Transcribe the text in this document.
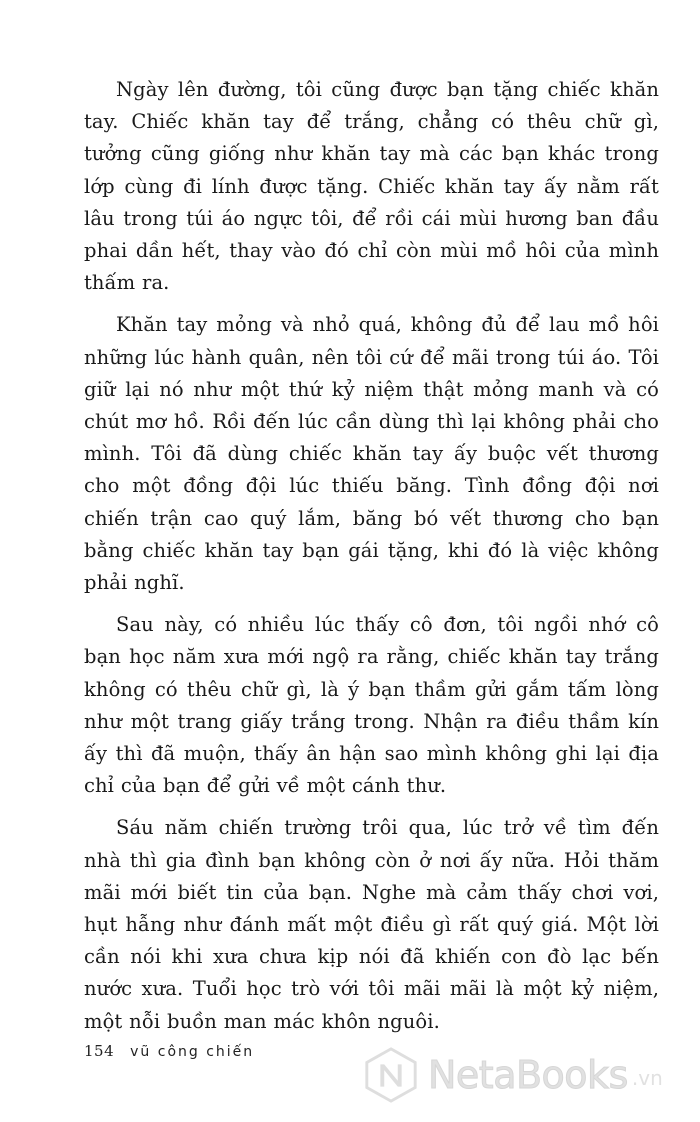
Ngày lên đường, tôi cũng được bạn tặng chiếc khăn tay. Chiếc khăn tay để trắng, chẳng có thêu chữ gì, tưởng cũng giống như khăn tay mà các bạn khác trong lớp cùng đi lính được tặng. Chiếc khăn tay ấy nằm rất lâu trong túi áo ngực tôi, để rồi cái mùi hương ban đầu phai dần hết, thay vào đó chỉ còn mùi mồ hôi của mình thấm ra.

Khăn tay mỏng và nhỏ quá, không đủ để lau mồ hôi những lúc hành quân, nên tôi cứ để mãi trong túi áo. Tôi giữ lại nó như một thứ kỷ niệm thật mỏng manh và có chút mơ hồ. Rồi đến lúc cần dùng thì lại không phải cho mình. Tôi đã dùng chiếc khăn tay ấy buộc vết thương cho một đồng đội lúc thiếu băng. Tình đồng đội nơi chiến trận cao quý lắm, băng bó vết thương cho bạn bằng chiếc khăn tay bạn gái tặng, khi đó là việc không phải nghĩ.

Sau này, có nhiều lúc thấy cô đơn, tôi ngồi nhớ cô bạn học năm xưa mới ngộ ra rằng, chiếc khăn tay trắng không có thêu chữ gì, là ý bạn thầm gửi gắm tấm lòng như một trang giấy trắng trong. Nhận ra điều thầm kín ấy thì đã muộn, thấy ân hận sao mình không ghi lại địa chỉ của bạn để gửi về một cánh thư.

Sáu năm chiến trường trôi qua, lúc trở về tìm đến nhà thì gia đình bạn không còn ở nơi ấy nữa. Hỏi thăm mãi mới biết tin của bạn. Nghe mà cảm thấy chơi vơi, hụt hẫng như đánh mất một điều gì rất quý giá. Một lời cần nói khi xưa chưa kịp nói đã khiến con đò lạc bến nước xưa. Tuổi học trò với tôi mãi mãi là một kỷ niệm, một nỗi buồn man mác khôn nguôi.

154 vũ công chiến
NetaBooks .vn
